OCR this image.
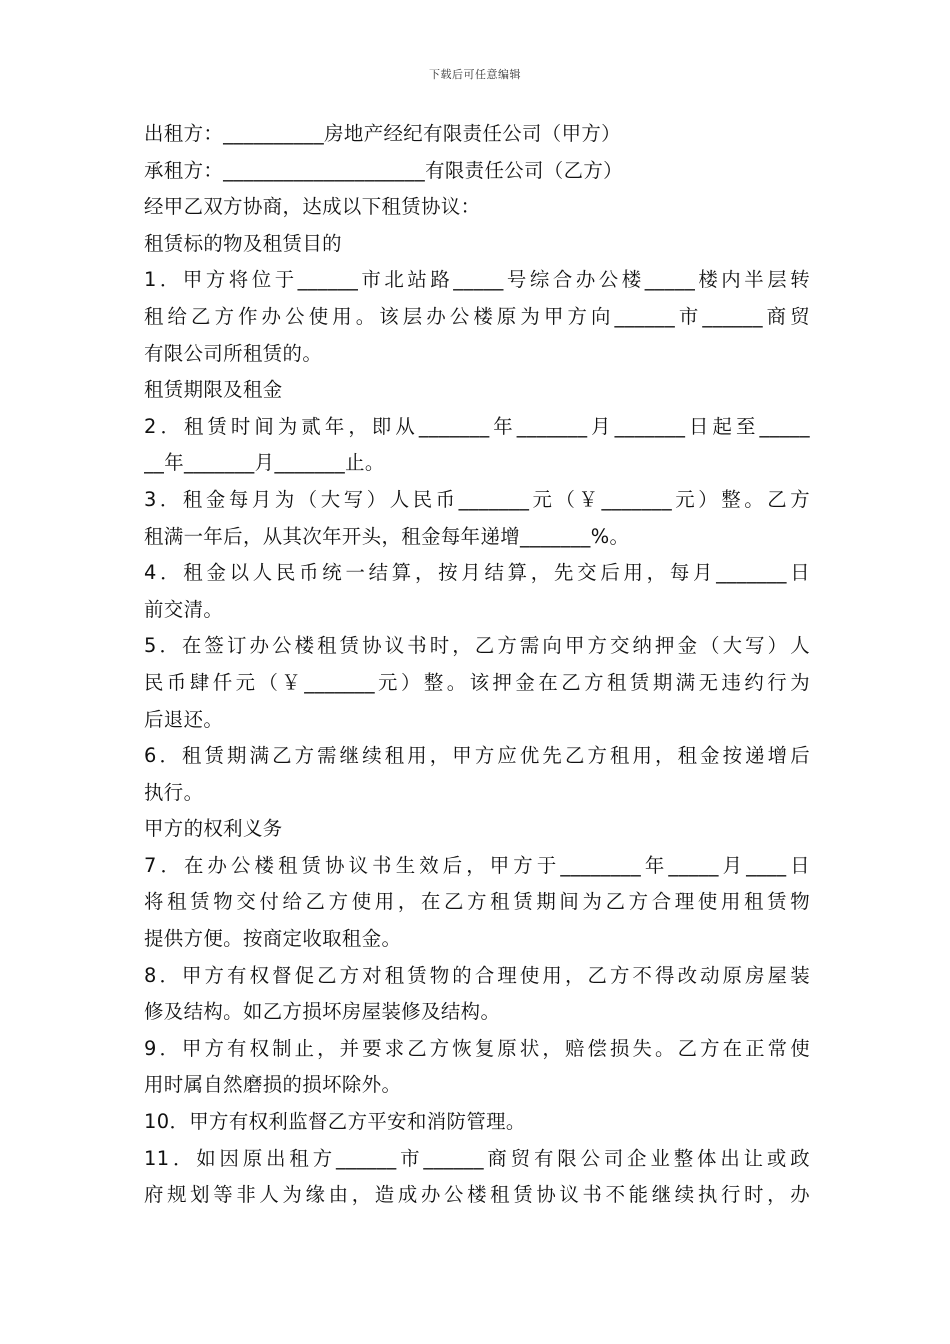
下载后可任意编辑
出租方：__________房地产经纪有限责任公司（甲方）
承租方：____________________有限责任公司（乙方）
经甲乙双方协商，达成以下租赁协议：
租赁标的物及租赁目的
1．甲方将位于______市北站路_____号综合办公楼_____楼内半层转
租给乙方作办公使用。该层办公楼原为甲方向______市______商贸
有限公司所租赁的。
租赁期限及租金
2．租赁时间为贰年，即从_______年_______月_______日起至_____
__年_______月_______止。
3．租金每月为（大写）人民币_______元（￥_______元）整。乙方
租满一年后，从其次年开头，租金每年递增_______%。
4．租金以人民币统一结算，按月结算，先交后用，每月_______日
前交清。
5．在签订办公楼租赁协议书时，乙方需向甲方交纳押金（大写）人
民币肆仟元（￥_______元）整。该押金在乙方租赁期满无违约行为
后退还。
6．租赁期满乙方需继续租用，甲方应优先乙方租用，租金按递增后
执行。
甲方的权利义务
7．在办公楼租赁协议书生效后，甲方于________年_____月____日
将租赁物交付给乙方使用，在乙方租赁期间为乙方合理使用租赁物
提供方便。按商定收取租金。
8．甲方有权督促乙方对租赁物的合理使用，乙方不得改动原房屋装
修及结构。如乙方损坏房屋装修及结构。
9．甲方有权制止，并要求乙方恢复原状，赔偿损失。乙方在正常使
用时属自然磨损的损坏除外。
10．甲方有权利监督乙方平安和消防管理。
11．如因原出租方______市______商贸有限公司企业整体出让或政
府规划等非人为缘由，造成办公楼租赁协议书不能继续执行时，办
